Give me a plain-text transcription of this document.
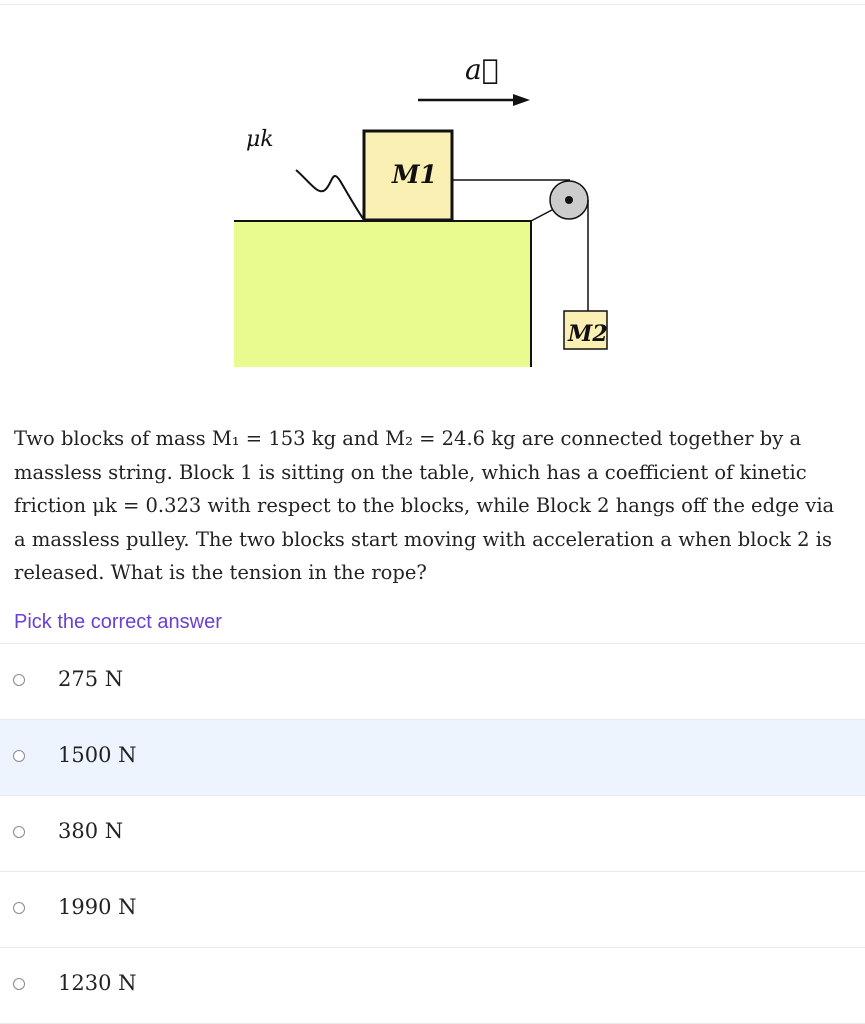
a⃗
μk
M1
M2
Two blocks of mass M₁ = 153 kg and M₂ = 24.6 kg are connected together by a massless string. Block 1 is sitting on the table, which has a coefficient of kinetic friction μk = 0.323 with respect to the blocks, while Block 2 hangs off the edge via a massless pulley. The two blocks start moving with acceleration a when block 2 is released. What is the tension in the rope?
Pick the correct answer
275 N
1500 N
380 N
1990 N
1230 N
